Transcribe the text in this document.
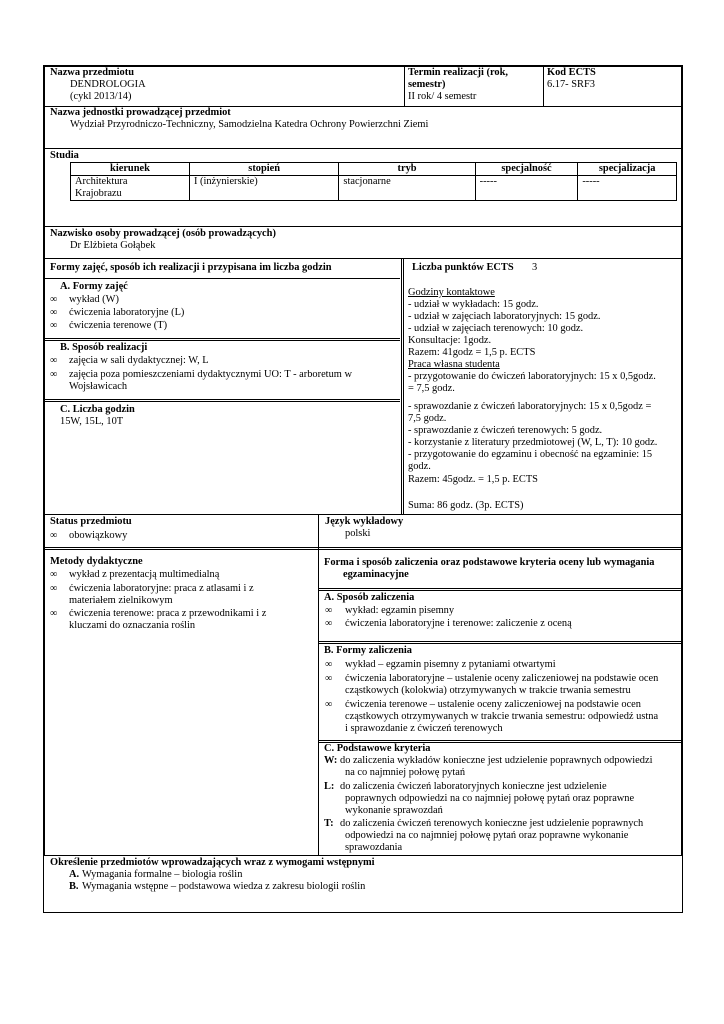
Nazwa przedmiotu
DENDROLOGIA
(cykl 2013/14)
Termin realizacji (rok,
semestr)
II rok/ 4 semestr
Kod ECTS
6.17- SRF3
Nazwa jednostki prowadzącej przedmiot
Wydział Przyrodniczo-Techniczny, Samodzielna Katedra Ochrony Powierzchni Ziemi
Studia
kierunek	stopień	tryb	specjalność	specjalizacja
Architektura
Krajobrazu	I (inżynierskie)	stacjonarne	-----	-----
Nazwisko osoby prowadzącej (osób prowadzących)
Dr Elżbieta Gołąbek
Formy zajęć, sposób ich realizacji i przypisana im liczba godzin
A. Formy zajęć
∞ wykład (W)
∞ ćwiczenia laboratoryjne (L)
∞ ćwiczenia terenowe (T)
B. Sposób realizacji
∞ zajęcia w sali dydaktycznej: W, L
∞ zajęcia poza pomieszczeniami dydaktycznymi UO: T - arboretum w
Wojsławicach
C. Liczba godzin
15W, 15L, 10T
Liczba punktów ECTS 3
Godziny kontaktowe
- udział w wykładach: 15 godz.
- udział w zajęciach laboratoryjnych: 15 godz.
- udział w zajęciach terenowych: 10 godz.
Konsultacje: 1godz.
Razem: 41godz = 1,5 p. ECTS
Praca własna studenta
- przygotowanie do ćwiczeń laboratoryjnych: 15 x 0,5godz.
= 7,5 godz.
- sprawozdanie z ćwiczeń laboratoryjnych: 15 x 0,5godz =
7,5 godz.
- sprawozdanie z ćwiczeń terenowych: 5 godz.
- korzystanie z literatury przedmiotowej (W, L, T): 10 godz.
- przygotowanie do egzaminu i obecność na egzaminie: 15
godz.
Razem: 45godz. = 1,5 p. ECTS
Suma: 86 godz. (3p. ECTS)
Status przedmiotu
∞ obowiązkowy
Język wykładowy
polski
Metody dydaktyczne
∞ wykład z prezentacją multimedialną
∞ ćwiczenia laboratoryjne: praca z atlasami i z
materiałem zielnikowym
∞ ćwiczenia terenowe: praca z przewodnikami i z
kluczami do oznaczania roślin
Forma i sposób zaliczenia oraz podstawowe kryteria oceny lub wymagania
egzaminacyjne
A. Sposób zaliczenia
∞ wykład: egzamin pisemny
∞ ćwiczenia laboratoryjne i terenowe: zaliczenie z oceną
B. Formy zaliczenia
∞ wykład – egzamin pisemny z pytaniami otwartymi
∞ ćwiczenia laboratoryjne – ustalenie oceny zaliczeniowej na podstawie ocen
cząstkowych (kolokwia) otrzymywanych w trakcie trwania semestru
∞ ćwiczenia terenowe – ustalenie oceny zaliczeniowej na podstawie ocen
cząstkowych otrzymywanych w trakcie trwania semestru: odpowiedź ustna
i sprawozdanie z ćwiczeń terenowych
C. Podstawowe kryteria
W: do zaliczenia wykładów konieczne jest udzielenie poprawnych odpowiedzi
na co najmniej połowę pytań
L: do zaliczenia ćwiczeń laboratoryjnych konieczne jest udzielenie
poprawnych odpowiedzi na co najmniej połowę pytań oraz poprawne
wykonanie sprawozdań
T: do zaliczenia ćwiczeń terenowych konieczne jest udzielenie poprawnych
odpowiedzi na co najmniej połowę pytań oraz poprawne wykonanie
sprawozdania
Określenie przedmiotów wprowadzających wraz z wymogami wstępnymi
A. Wymagania formalne – biologia roślin
B. Wymagania wstępne – podstawowa wiedza z zakresu biologii roślin
